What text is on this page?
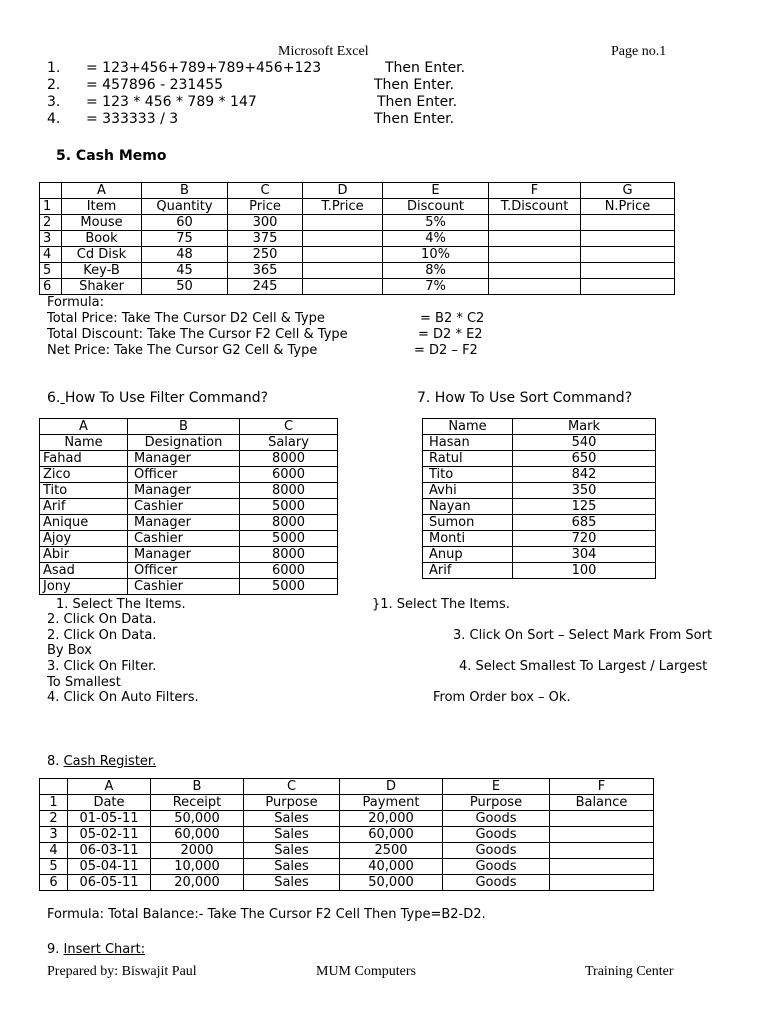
Microsoft Excel	Page no.1
1. = 123+456+789+789+456+123	Then Enter.
2. = 457896 - 231455	Then Enter.
3. = 123 * 456 * 789 * 147	Then Enter.
4. = 333333 / 3	Then Enter.
5. Cash Memo
	A	B	C	D	E	F	G
1	Item	Quantity	Price	T.Price	Discount	T.Discount	N.Price
2	Mouse	60	300		5%		
3	Book	75	375		4%		
4	Cd Disk	48	250		10%		
5	Key-B	45	365		8%		
6	Shaker	50	245		7%		
Formula:
Total Price: Take The Cursor D2 Cell & Type	= B2 * C2
Total Discount: Take The Cursor F2 Cell & Type	= D2 * E2
Net Price: Take The Cursor G2 Cell & Type	= D2 – F2
6. How To Use Filter Command?
A	B	C
Name	Designation	Salary
Fahad	Manager	8000
Zico	Officer	6000
Tito	Manager	8000
Arif	Cashier	5000
Anique	Manager	8000
Ajoy	Cashier	5000
Abir	Manager	8000
Asad	Officer	6000
Jony	Cashier	5000
7. How To Use Sort Command?
Name	Mark
Hasan	540
Ratul	650
Tito	842
Avhi	350
Nayan	125
Sumon	685
Monti	720
Anup	304
Arif	100
1. Select The Items.	}1. Select The Items.
2. Click On Data.
2. Click On Data.	3. Click On Sort – Select Mark From Sort
By Box
3. Click On Filter.	4. Select Smallest To Largest / Largest
To Smallest
4. Click On Auto Filters.	From Order box – Ok.
8. Cash Register.
	A	B	C	D	E	F
1	Date	Receipt	Purpose	Payment	Purpose	Balance
2	01-05-11	50,000	Sales	20,000	Goods	
3	05-02-11	60,000	Sales	60,000	Goods	
4	06-03-11	2000	Sales	2500	Goods	
5	05-04-11	10,000	Sales	40,000	Goods	
6	06-05-11	20,000	Sales	50,000	Goods	
Formula: Total Balance:- Take The Cursor F2 Cell Then Type=B2-D2.
9. Insert Chart:
Prepared by: Biswajit Paul	MUM Computers	Training Center
